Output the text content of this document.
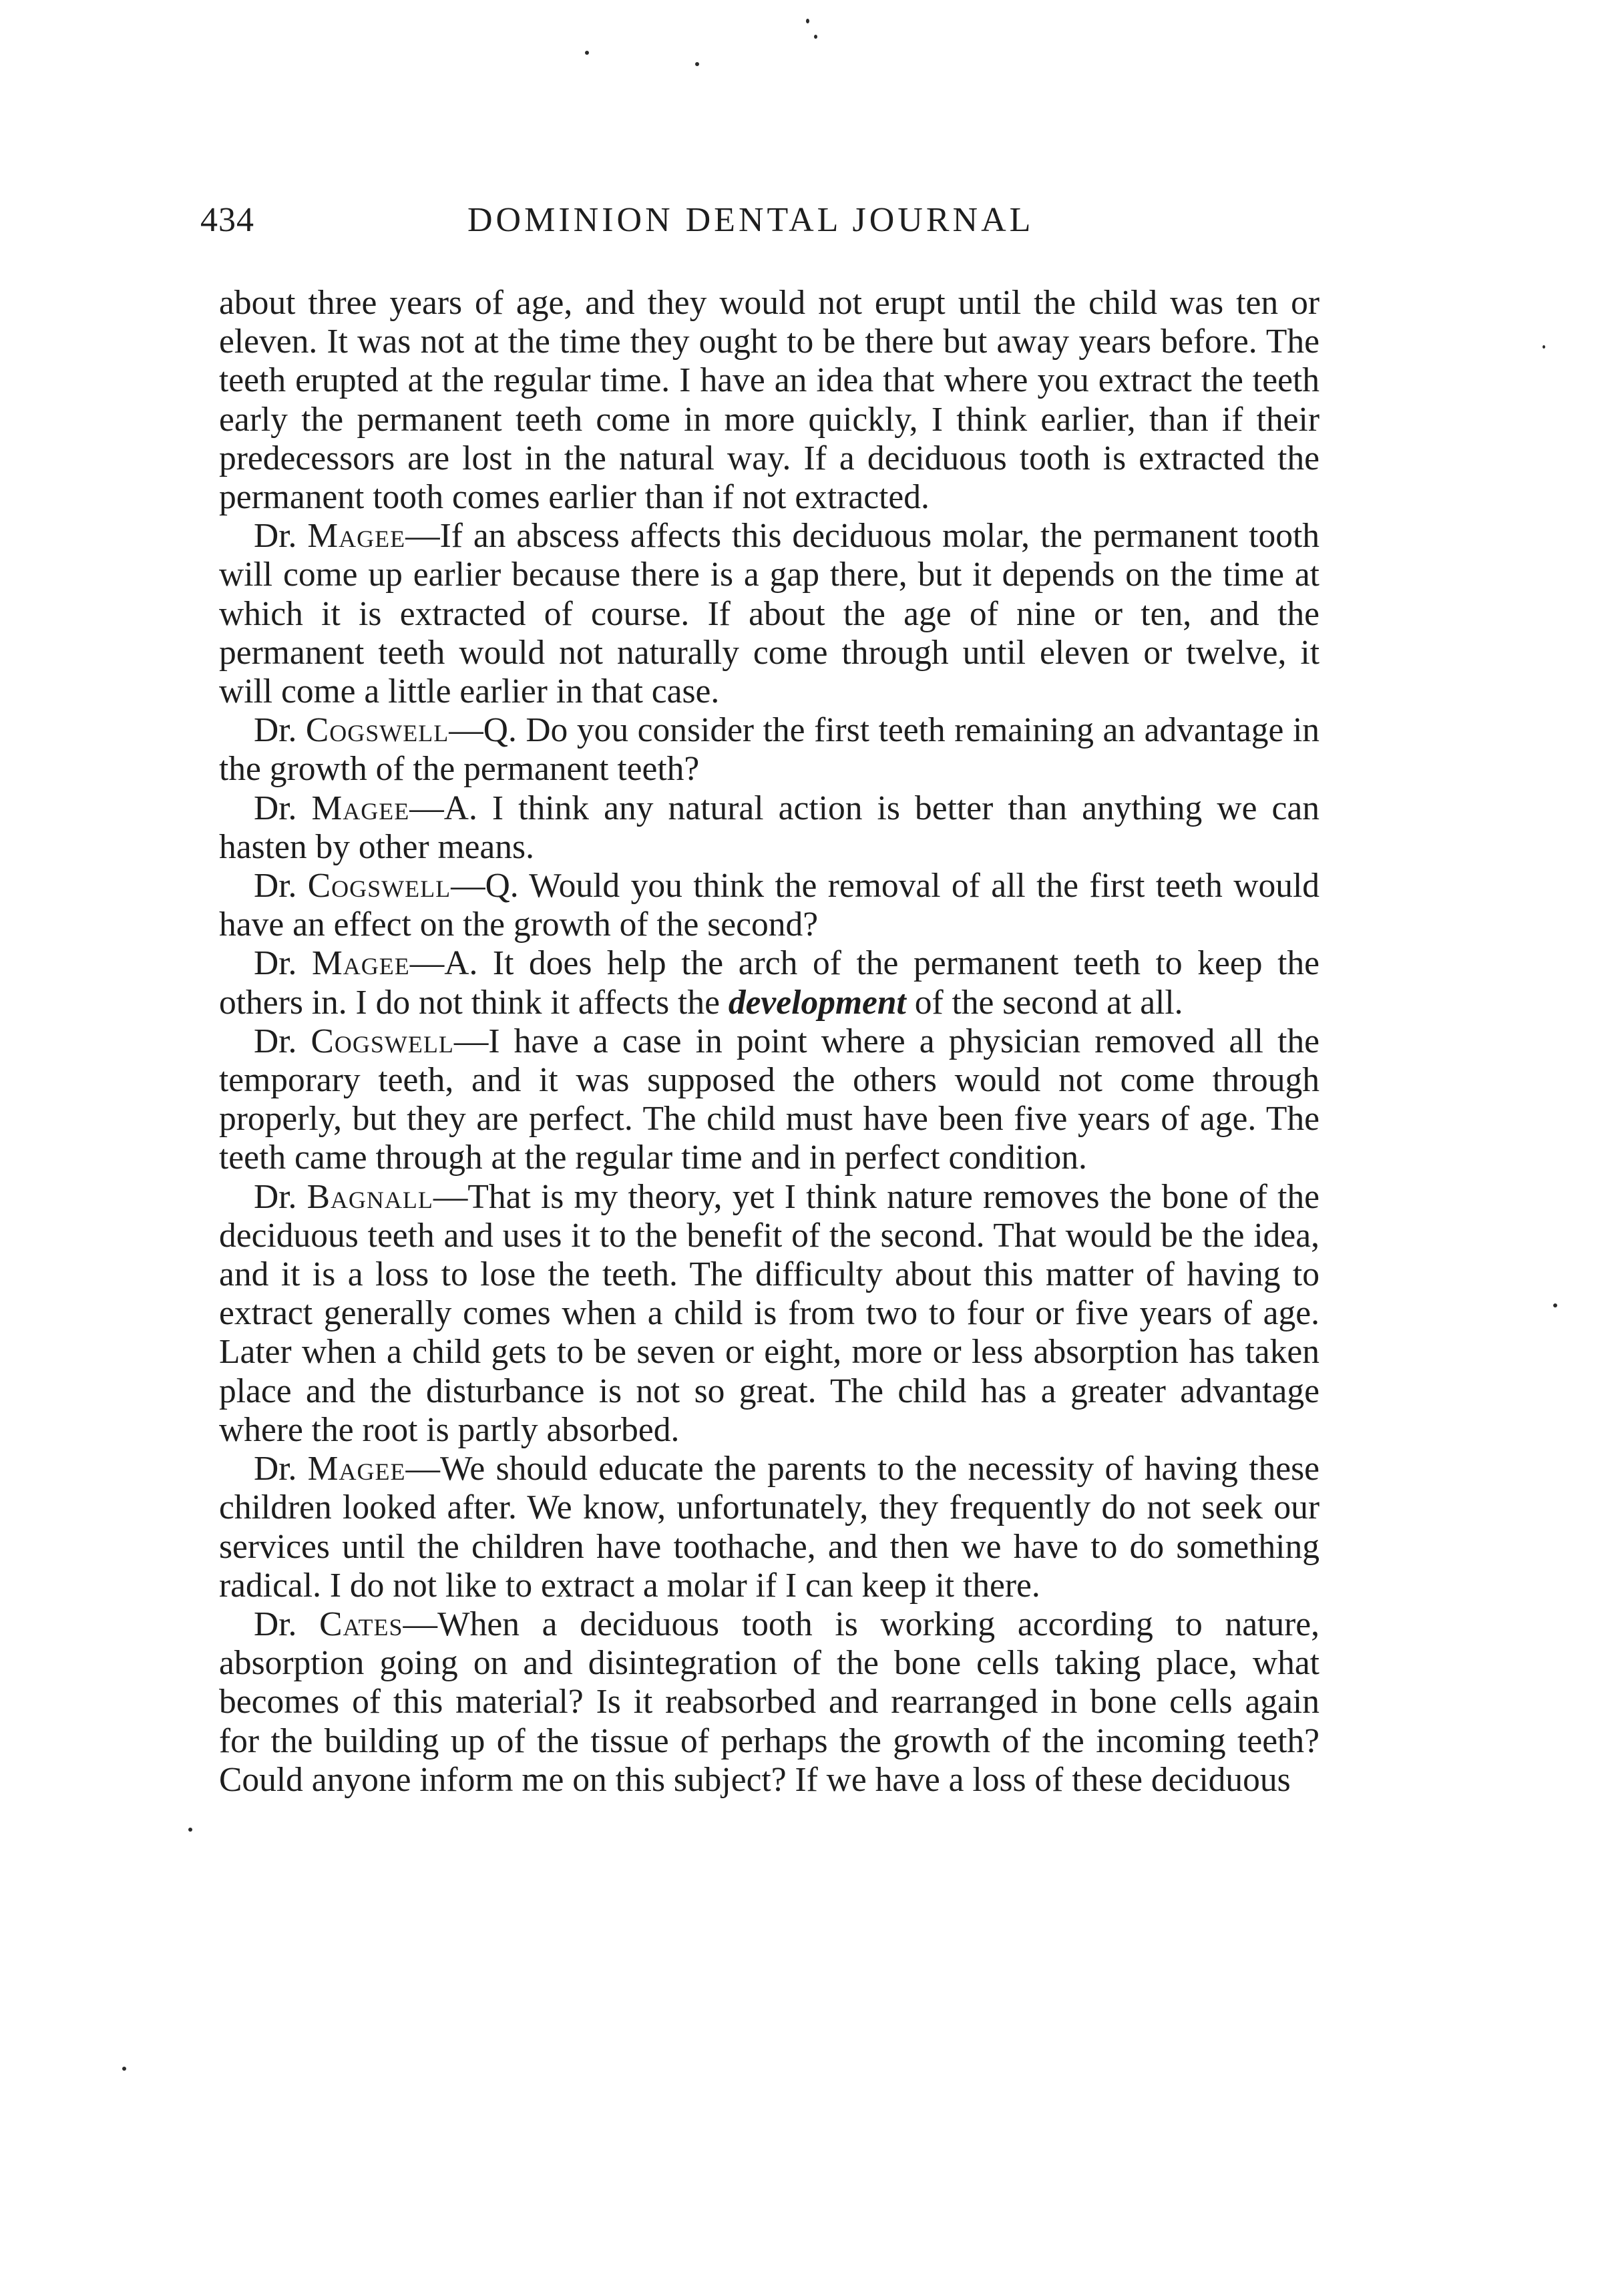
434	DOMINION DENTAL JOURNAL

about three years of age, and they would not erupt until the child was ten or eleven. It was not at the time they ought to be there but away years before. The teeth erupted at the regular time. I have an idea that where you extract the teeth early the permanent teeth come in more quickly, I think earlier, than if their predecessors are lost in the natural way. If a deciduous tooth is extracted the permanent tooth comes earlier than if not extracted.

Dr. Magee—If an abscess affects this deciduous molar, the permanent tooth will come up earlier because there is a gap there, but it depends on the time at which it is extracted of course. If about the age of nine or ten, and the permanent teeth would not naturally come through until eleven or twelve, it will come a little earlier in that case.

Dr. Cogswell—Q. Do you consider the first teeth remaining an advantage in the growth of the permanent teeth?

Dr. Magee—A. I think any natural action is better than anything we can hasten by other means.

Dr. Cogswell—Q. Would you think the removal of all the first teeth would have an effect on the growth of the second?

Dr. Magee—A. It does help the arch of the permanent teeth to keep the others in. I do not think it affects the development of the second at all.

Dr. Cogswell—I have a case in point where a physician removed all the temporary teeth, and it was supposed the others would not come through properly, but they are perfect. The child must have been five years of age. The teeth came through at the regular time and in perfect condition.

Dr. Bagnall—That is my theory, yet I think nature removes the bone of the deciduous teeth and uses it to the benefit of the second. That would be the idea, and it is a loss to lose the teeth. The difficulty about this matter of having to extract generally comes when a child is from two to four or five years of age. Later when a child gets to be seven or eight, more or less absorption has taken place and the disturbance is not so great. The child has a greater advantage where the root is partly absorbed.

Dr. Magee—We should educate the parents to the necessity of having these children looked after. We know, unfortunately, they frequently do not seek our services until the children have toothache, and then we have to do something radical. I do not like to extract a molar if I can keep it there.

Dr. Cates—When a deciduous tooth is working according to nature, absorption going on and disintegration of the bone cells taking place, what becomes of this material? Is it reabsorbed and rearranged in bone cells again for the building up of the tissue of perhaps the growth of the incoming teeth? Could anyone inform me on this subject? If we have a loss of these deciduous
